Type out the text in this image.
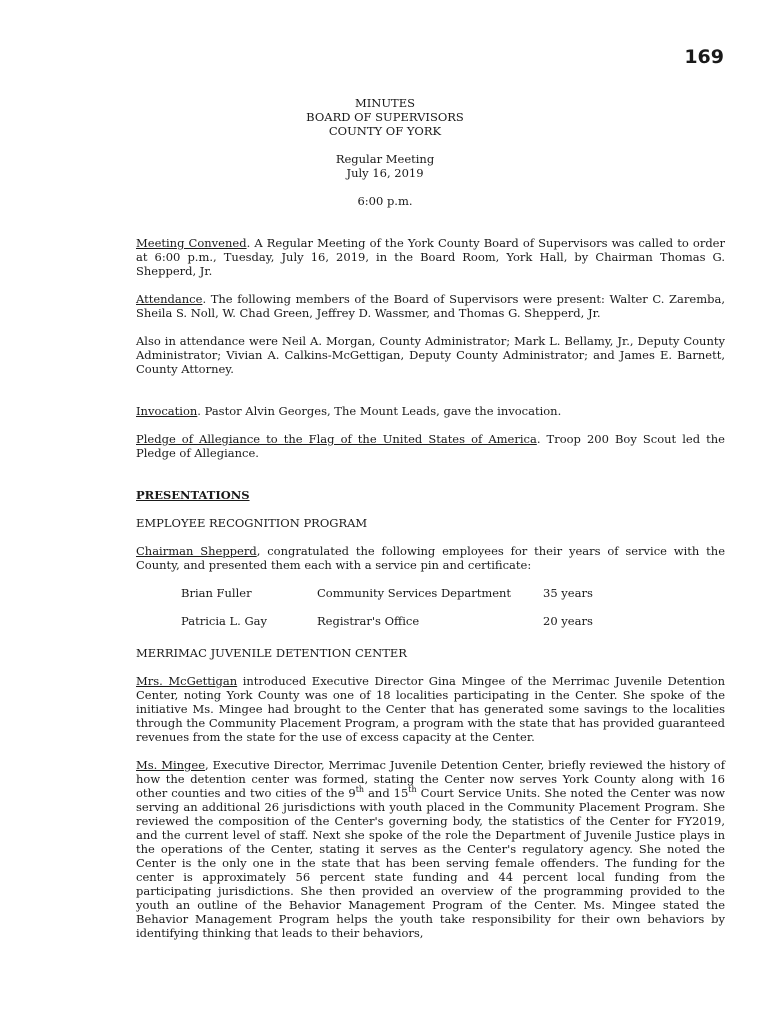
169
MINUTES
BOARD OF SUPERVISORS
COUNTY OF YORK
Regular Meeting
July 16, 2019
6:00 p.m.

Meeting Convened. A Regular Meeting of the York County Board of Supervisors was called to order at 6:00 p.m., Tuesday, July 16, 2019, in the Board Room, York Hall, by Chairman Thomas G. Shepperd, Jr.

Attendance. The following members of the Board of Supervisors were present: Walter C. Zaremba, Sheila S. Noll, W. Chad Green, Jeffrey D. Wassmer, and Thomas G. Shepperd, Jr.

Also in attendance were Neil A. Morgan, County Administrator; Mark L. Bellamy, Jr., Deputy County Administrator; Vivian A. Calkins-McGettigan, Deputy County Administrator; and James E. Barnett, County Attorney.

Invocation. Pastor Alvin Georges, The Mount Leads, gave the invocation.

Pledge of Allegiance to the Flag of the United States of America. Troop 200 Boy Scout led the Pledge of Allegiance.

PRESENTATIONS
EMPLOYEE RECOGNITION PROGRAM

Chairman Shepperd, congratulated the following employees for their years of service with the County, and presented them each with a service pin and certificate:

Brian Fuller	Community Services Department	35 years
Patricia L. Gay	Registrar's Office	20 years
MERRIMAC JUVENILE DETENTION CENTER

Mrs. McGettigan introduced Executive Director Gina Mingee of the Merrimac Juvenile Detention Center, noting York County was one of 18 localities participating in the Center. She spoke of the initiative Ms. Mingee had brought to the Center that has generated some savings to the localities through the Community Placement Program, a program with the state that has provided guaranteed revenues from the state for the use of excess capacity at the Center.

Ms. Mingee, Executive Director, Merrimac Juvenile Detention Center, briefly reviewed the history of how the detention center was formed, stating the Center now serves York County along with 16 other counties and two cities of the 9th and 15th Court Service Units. She noted the Center was now serving an additional 26 jurisdictions with youth placed in the Community Placement Program. She reviewed the composition of the Center's governing body, the statistics of the Center for FY2019, and the current level of staff. Next she spoke of the role the Department of Juvenile Justice plays in the operations of the Center, stating it serves as the Center's regulatory agency. She noted the Center is the only one in the state that has been serving female offenders. The funding for the center is approximately 56 percent state funding and 44 percent local funding from the participating jurisdictions. She then provided an overview of the programming provided to the youth an outline of the Behavior Management Program of the Center. Ms. Mingee stated the Behavior Management Program helps the youth take responsibility for their own behaviors by identifying thinking that leads to their behaviors,
